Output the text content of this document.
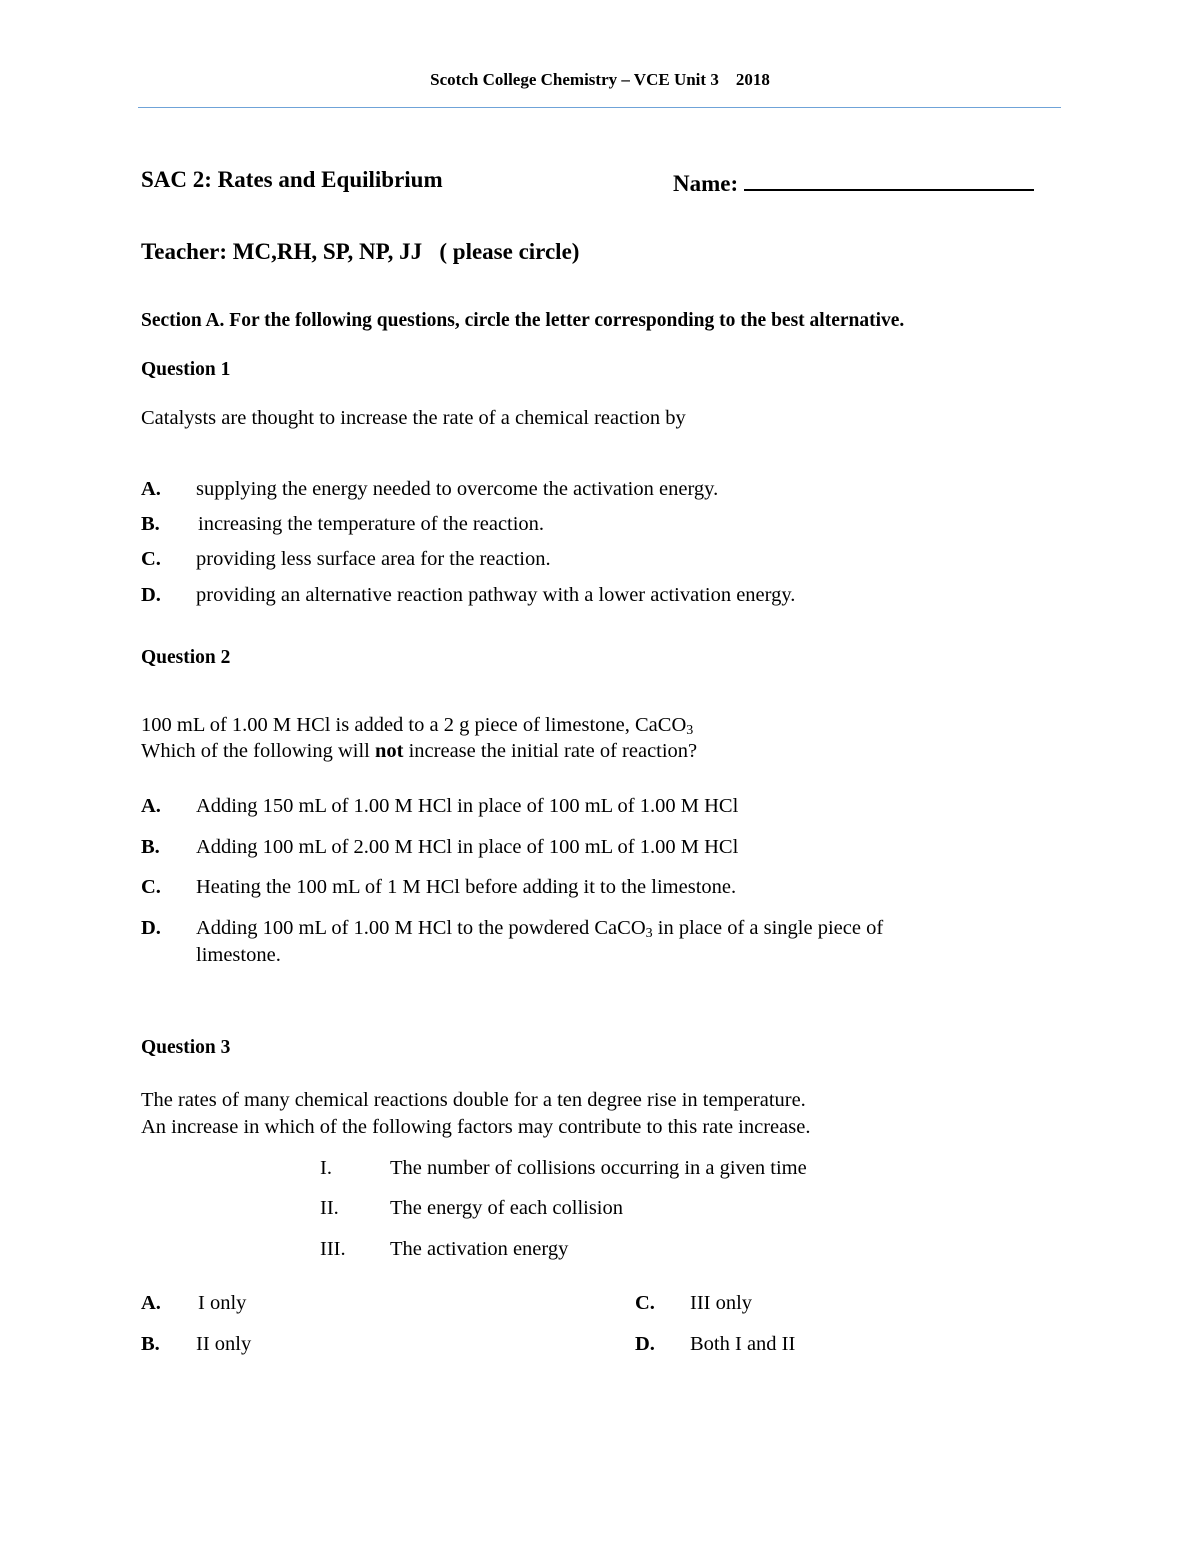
Scotch College Chemistry – VCE Unit 3 2018
SAC 2: Rates and Equilibrium	Name:
Teacher: MC,RH, SP, NP, JJ ( please circle)
Section A. For the following questions, circle the letter corresponding to the best alternative.
Question 1
Catalysts are thought to increase the rate of a chemical reaction by
A. supplying the energy needed to overcome the activation energy.
B. increasing the temperature of the reaction.
C. providing less surface area for the reaction.
D. providing an alternative reaction pathway with a lower activation energy.
Question 2
100 mL of 1.00 M HCl is added to a 2 g piece of limestone, CaCO$_3$
Which of the following will not increase the initial rate of reaction?
A. Adding 150 mL of 1.00 M HCl in place of 100 mL of 1.00 M HCl
B. Adding 100 mL of 2.00 M HCl in place of 100 mL of 1.00 M HCl
C. Heating the 100 mL of 1 M HCl before adding it to the limestone.
D. Adding 100 mL of 1.00 M HCl to the powdered CaCO$_3$ in place of a single piece of
limestone.
Question 3
The rates of many chemical reactions double for a ten degree rise in temperature.
An increase in which of the following factors may contribute to this rate increase.
I.	The number of collisions occurring in a given time
II. The energy of each collision
III. The activation energy
A. I only
B. II only
C. III only
D. Both I and II
